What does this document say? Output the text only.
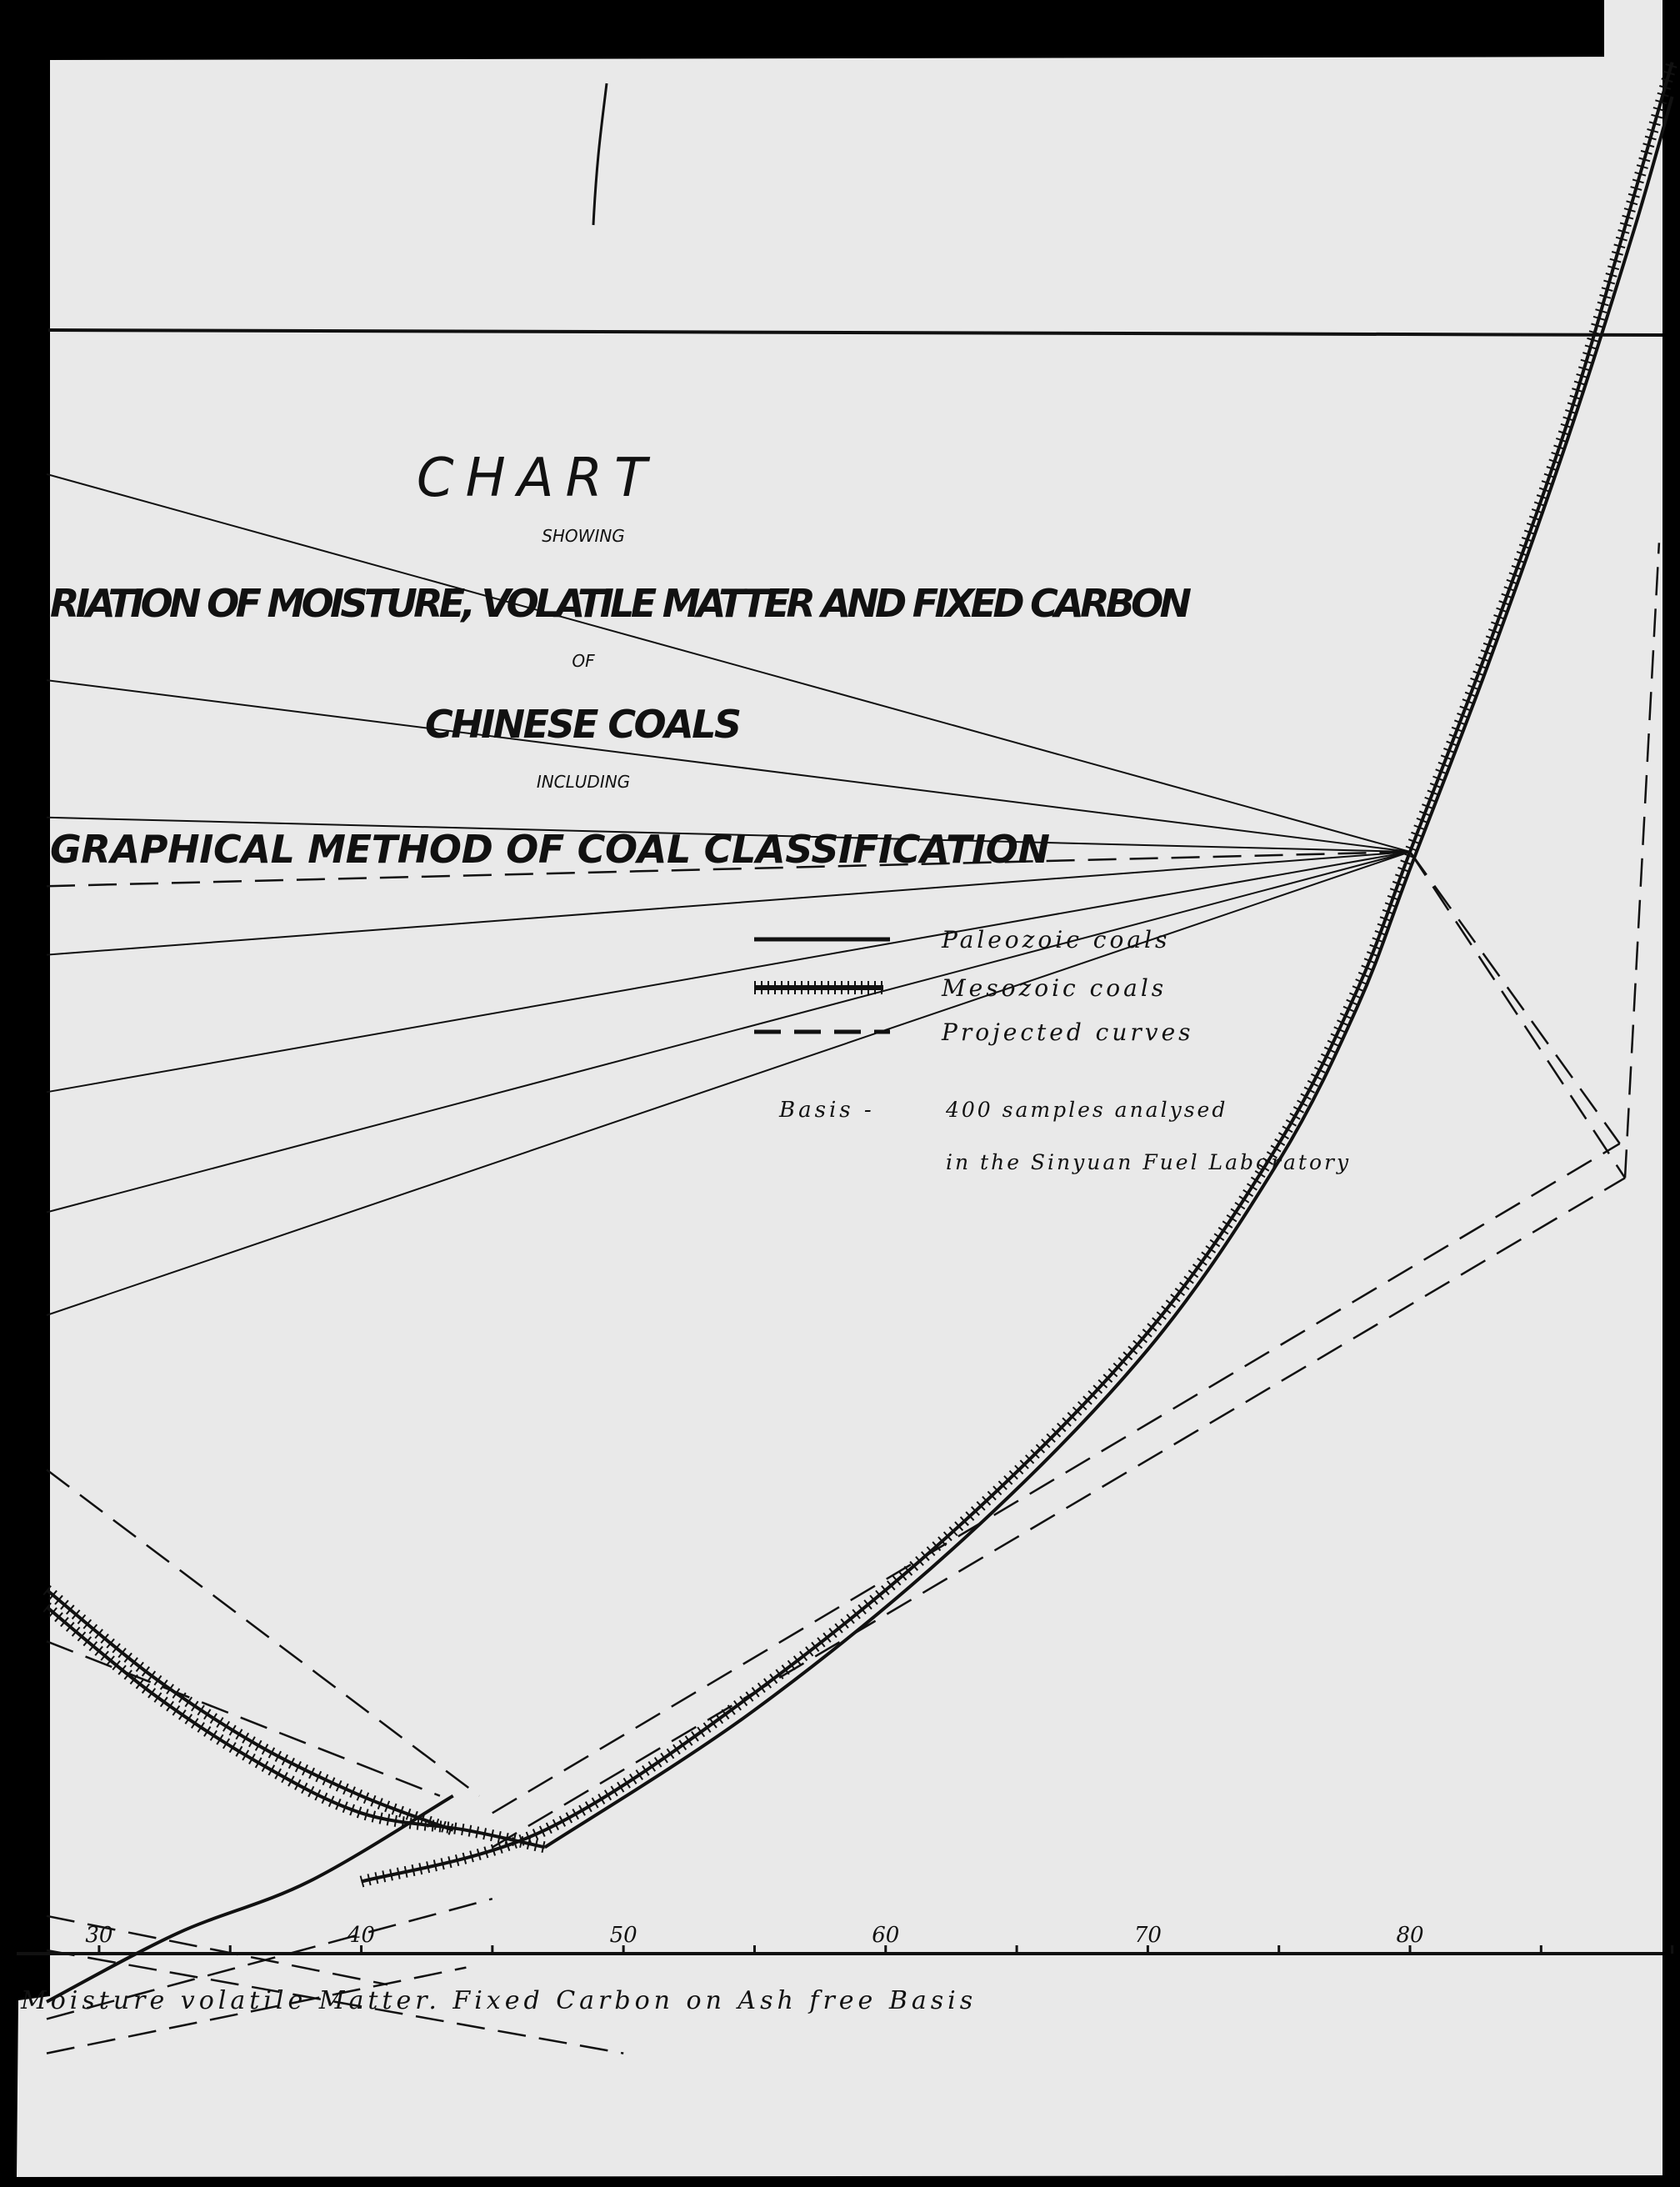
CHART
SHOWING
RIATION OF MOISTURE, VOLATILE MATTER AND FIXED CARBON
OF
CHINESE COALS
INCLUDING
GRAPHICAL METHOD OF COAL CLASSIFICATION
Paleozoic coals
Mesozoic coals
Projected curves
Basis -	400 samples analysed
in the Sinyuan Fuel Laboratory
30	40	50	60	70	80
Moisture volatile Matter. Fixed Carbon on Ash free Basis
